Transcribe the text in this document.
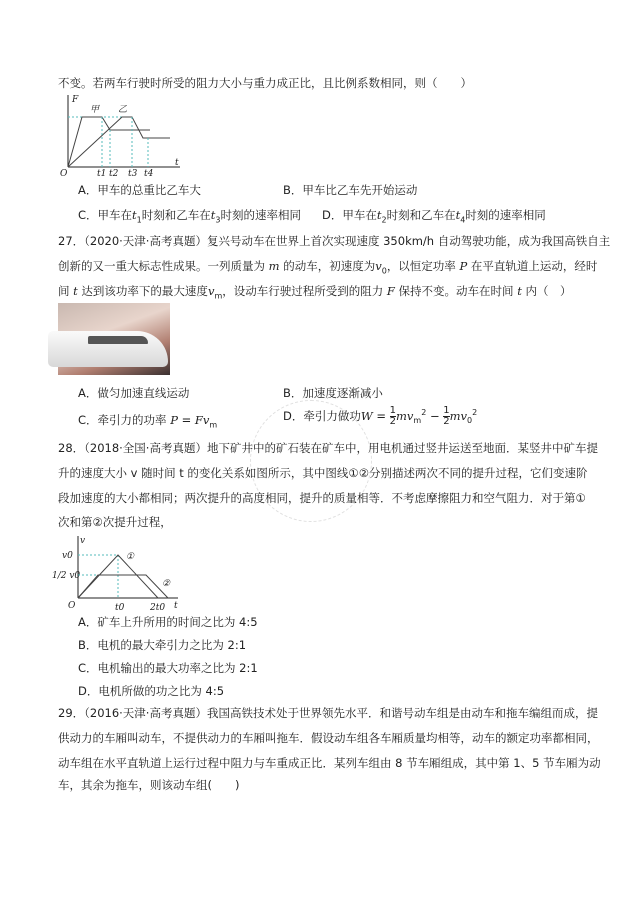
不变。若两车行驶时所受的阻力大小与重力成正比，且比例系数相同，则（　　）
F
t
O
甲 乙
t1 t2 t3 t4
A．甲车的总重比乙车大	B．甲车比乙车先开始运动
C．甲车在$t_1$时刻和乙车在$t_3$时刻的速率相同 D．甲车在$t_2$时刻和乙车在$t_4$时刻的速率相同
27．（2020·天津·高考真题）复兴号动车在世界上首次实现速度 350km/h 自动驾驶功能，成为我国高铁自主
创新的又一重大标志性成果。一列质量为 m 的动车，初速度为$v_0$，以恒定功率 P 在平直轨道上运动，经时
间 t 达到该功率下的最大速度$v_m$，设动车行驶过程所受到的阻力 F 保持不变。动车在时间 t 内（　）
A．做匀加速直线运动	B．加速度逐渐减小
C．牵引力的功率 $P = Fv_m$
D．牵引力做功$W = \frac{1}{2} mv_m^2 - \frac{1}{2} mv_0^2$
28．（2018·全国·高考真题）地下矿井中的矿石装在矿车中，用电机通过竖井运送至地面．某竖井中矿车提
升的速度大小 v 随时间 t 的变化关系如图所示，其中图线①②分别描述两次不同的提升过程，它们变速阶
段加速度的大小都相同；两次提升的高度相同，提升的质量相等．不考虑摩擦阻力和空气阻力．对于第①
次和第②次提升过程，
v
t
O
v0
1/2 v0
①
②
t0	2t0
A．矿车上升所用的时间之比为 4:5
B．电机的最大牵引力之比为 2:1
C．电机输出的最大功率之比为 2:1
D．电机所做的功之比为 4:5
29．（2016·天津·高考真题）我国高铁技术处于世界领先水平．和谐号动车组是由动车和拖车编组而成，提
供动力的车厢叫动车，不提供动力的车厢叫拖车．假设动车组各车厢质量均相等，动车的额定功率都相同，
动车组在水平直轨道上运行过程中阻力与车重成正比．某列车组由 8 节车厢组成，其中第 1、5 节车厢为动
车，其余为拖车，则该动车组(　　)
